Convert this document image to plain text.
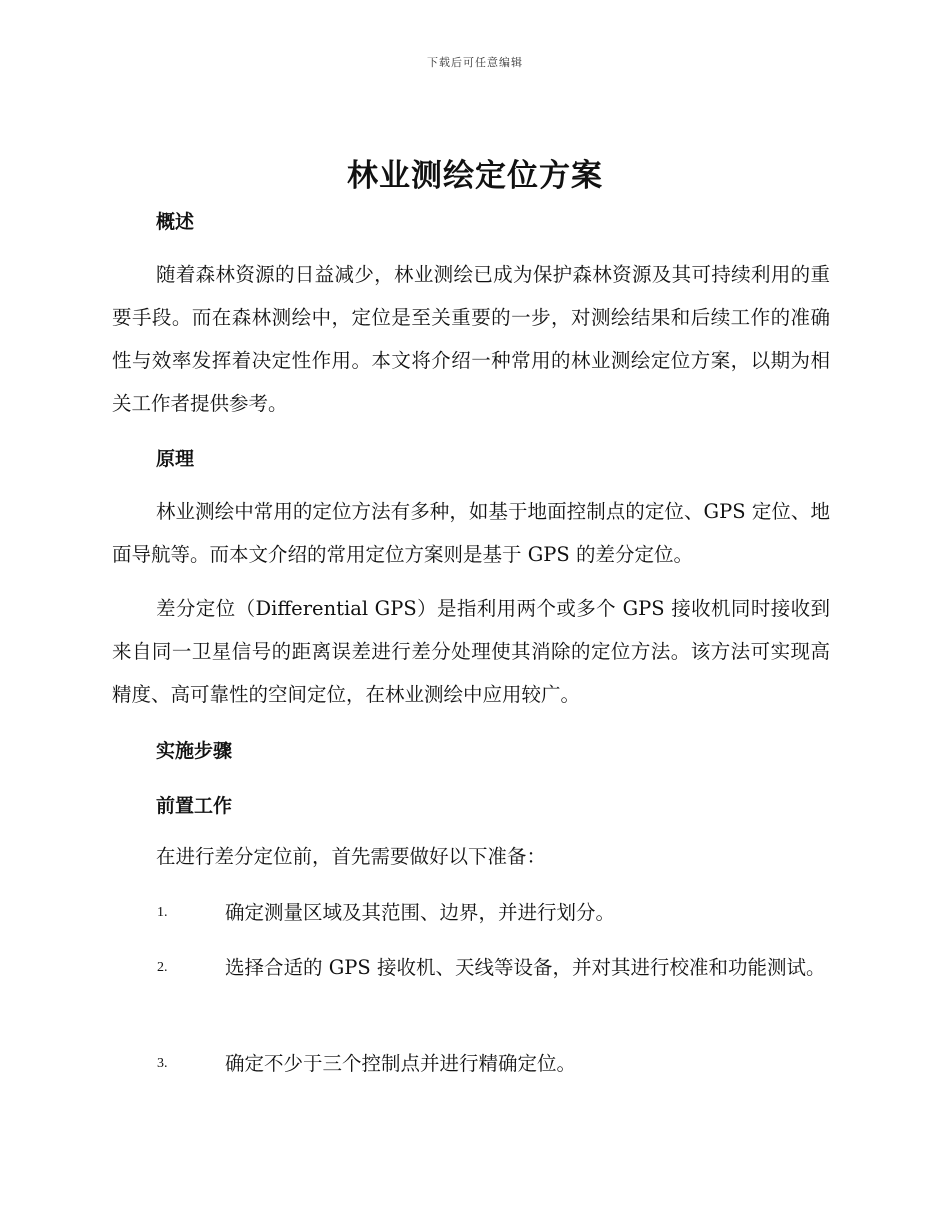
下载后可任意编辑
林业测绘定位方案
概述

随着森林资源的日益减少，林业测绘已成为保护森林资源及其可持续利用的重要手段。而在森林测绘中，定位是至关重要的一步，对测绘结果和后续工作的准确性与效率发挥着决定性作用。本文将介绍一种常用的林业测绘定位方案，以期为相关工作者提供参考。

原理

林业测绘中常用的定位方法有多种，如基于地面控制点的定位、GPS 定位、地面导航等。而本文介绍的常用定位方案则是基于 GPS 的差分定位。

差分定位（Differential GPS）是指利用两个或多个 GPS 接收机同时接收到来自同一卫星信号的距离误差进行差分处理使其消除的定位方法。该方法可实现高精度、高可靠性的空间定位，在林业测绘中应用较广。

实施步骤
前置工作

在进行差分定位前，首先需要做好以下准备：

1.	确定测量区域及其范围、边界，并进行划分。
2.	选择合适的 GPS 接收机、天线等设备，并对其进行校准和功能测试。
3.	确定不少于三个控制点并进行精确定位。
